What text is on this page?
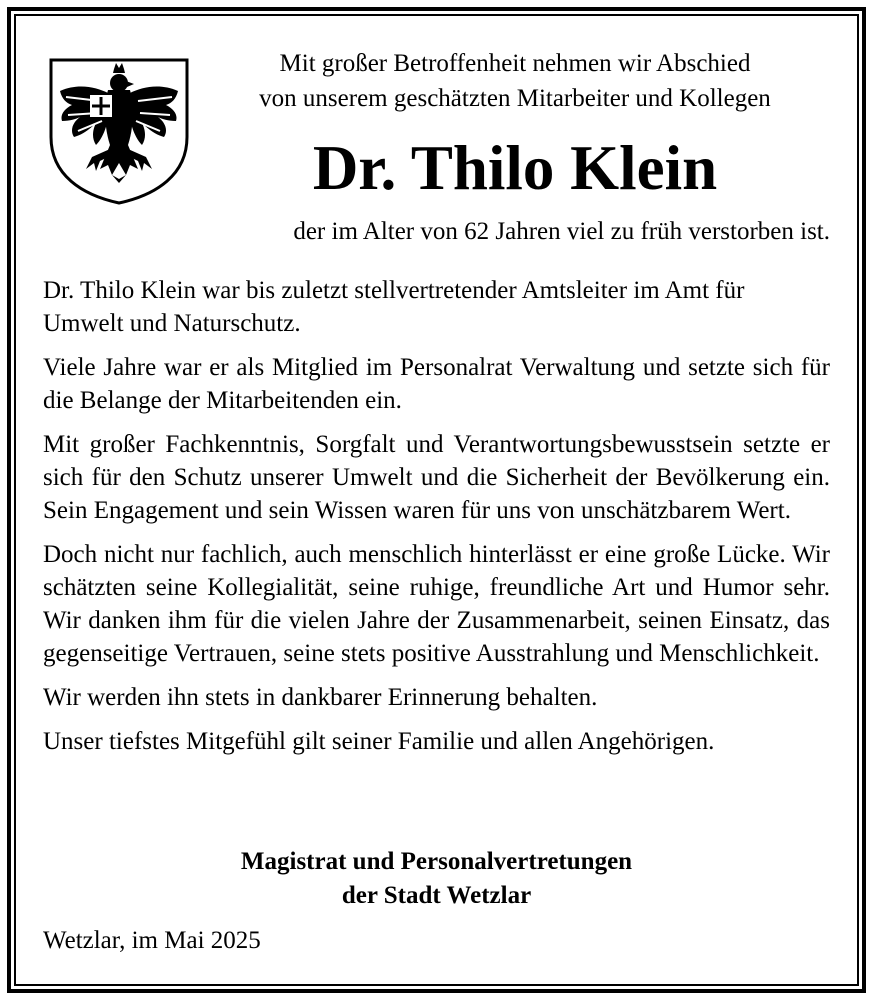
Mit großer Betroffenheit nehmen wir Abschied
von unserem geschätzten Mitarbeiter und Kollegen
Dr. Thilo Klein
der im Alter von 62 Jahren viel zu früh verstorben ist.

Dr. Thilo Klein war bis zuletzt stellvertretender Amtsleiter im Amt für Umwelt und Naturschutz.

Viele Jahre war er als Mitglied im Personalrat Verwaltung und setzte sich für die Belange der Mitarbeitenden ein.

Mit großer Fachkenntnis, Sorgfalt und Verantwortungsbewusstsein setzte er sich für den Schutz unserer Umwelt und die Sicherheit der Bevölkerung ein. Sein Engagement und sein Wissen waren für uns von unschätzbarem Wert.

Doch nicht nur fachlich, auch menschlich hinterlässt er eine große Lücke. Wir schätzten seine Kollegialität, seine ruhige, freundliche Art und Humor sehr. Wir danken ihm für die vielen Jahre der Zusammenarbeit, seinen Einsatz, das gegenseitige Vertrauen, seine stets positive Ausstrahlung und Menschlichkeit.

Wir werden ihn stets in dankbarer Erinnerung behalten.

Unser tiefstes Mitgefühl gilt seiner Familie und allen Angehörigen.

Magistrat und Personalvertretungen
der Stadt Wetzlar
Wetzlar, im Mai 2025
